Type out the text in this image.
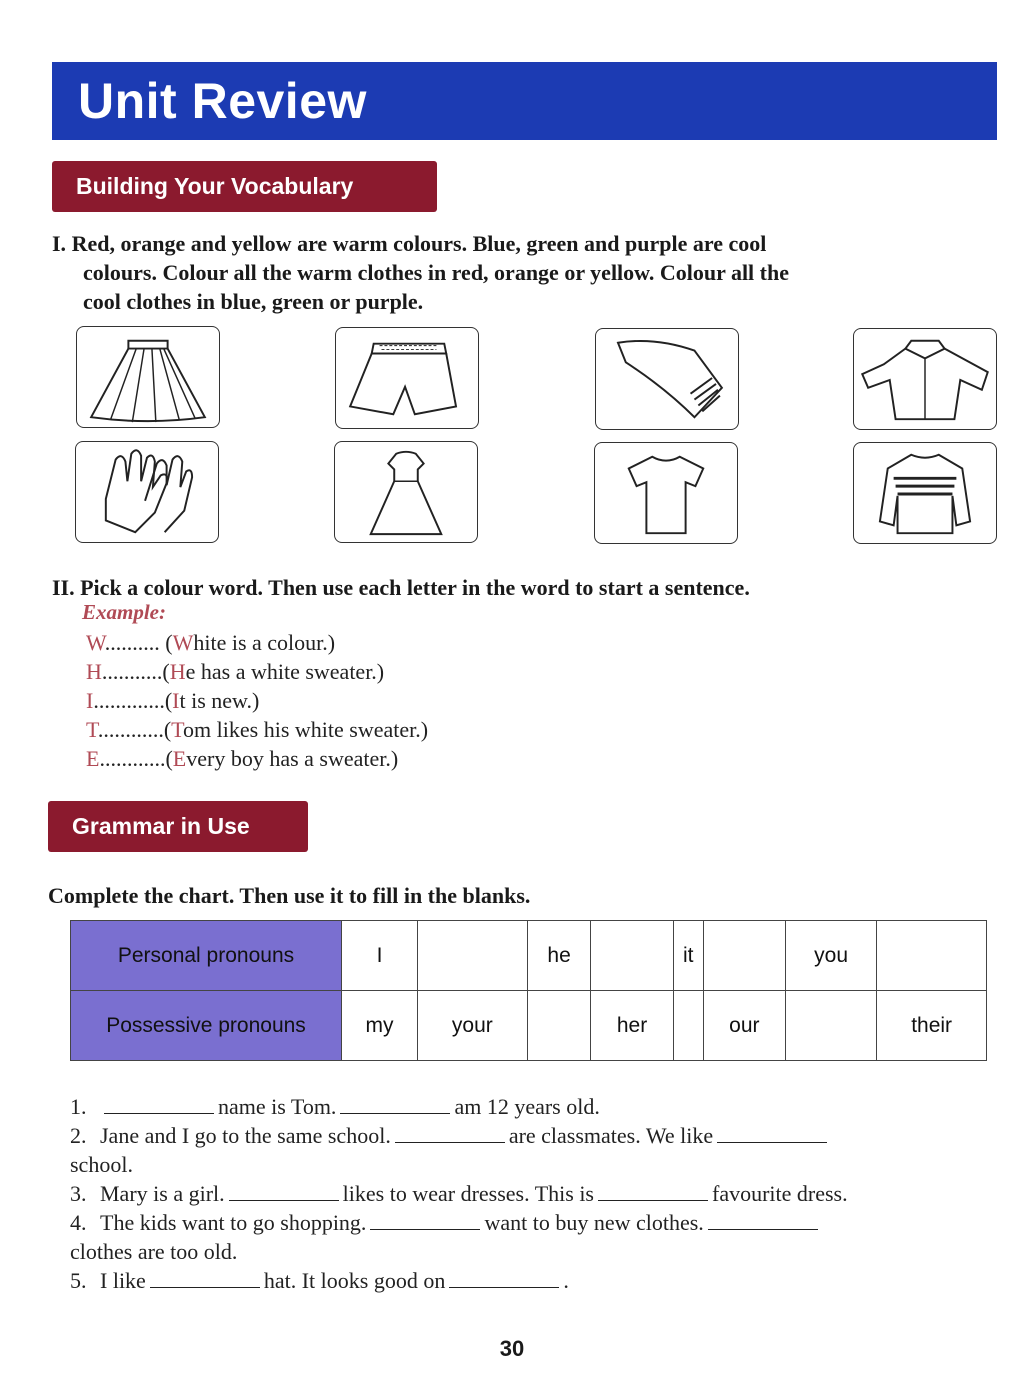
Unit Review
Building Your Vocabulary
I. Red, orange and yellow are warm colours. Blue, green and purple are cool
colours. Colour all the warm clothes in red, orange or yellow. Colour all the
cool clothes in blue, green or purple.
II. Pick a colour word. Then use each letter in the word to start a sentence.
Example:
W.......... (White is a colour.)
H...........(He has a white sweater.)
I.............(It is new.)
T............(Tom likes his white sweater.)
E............(Every boy has a sweater.)
Grammar in Use
Complete the chart. Then use it to fill in the blanks.
Personal pronouns	I		he		it		you	
Possessive pronouns	my	your		her		our		their
1.	name is Tom.	am 12 years old.
2. Jane and I go to the same school.	are classmates. We like
school.
3. Mary is a girl.	likes to wear dresses. This is	favourite dress.
4. The kids want to go shopping.	want to buy new clothes.
clothes are too old.
5. I like	hat. It looks good on	.
30
